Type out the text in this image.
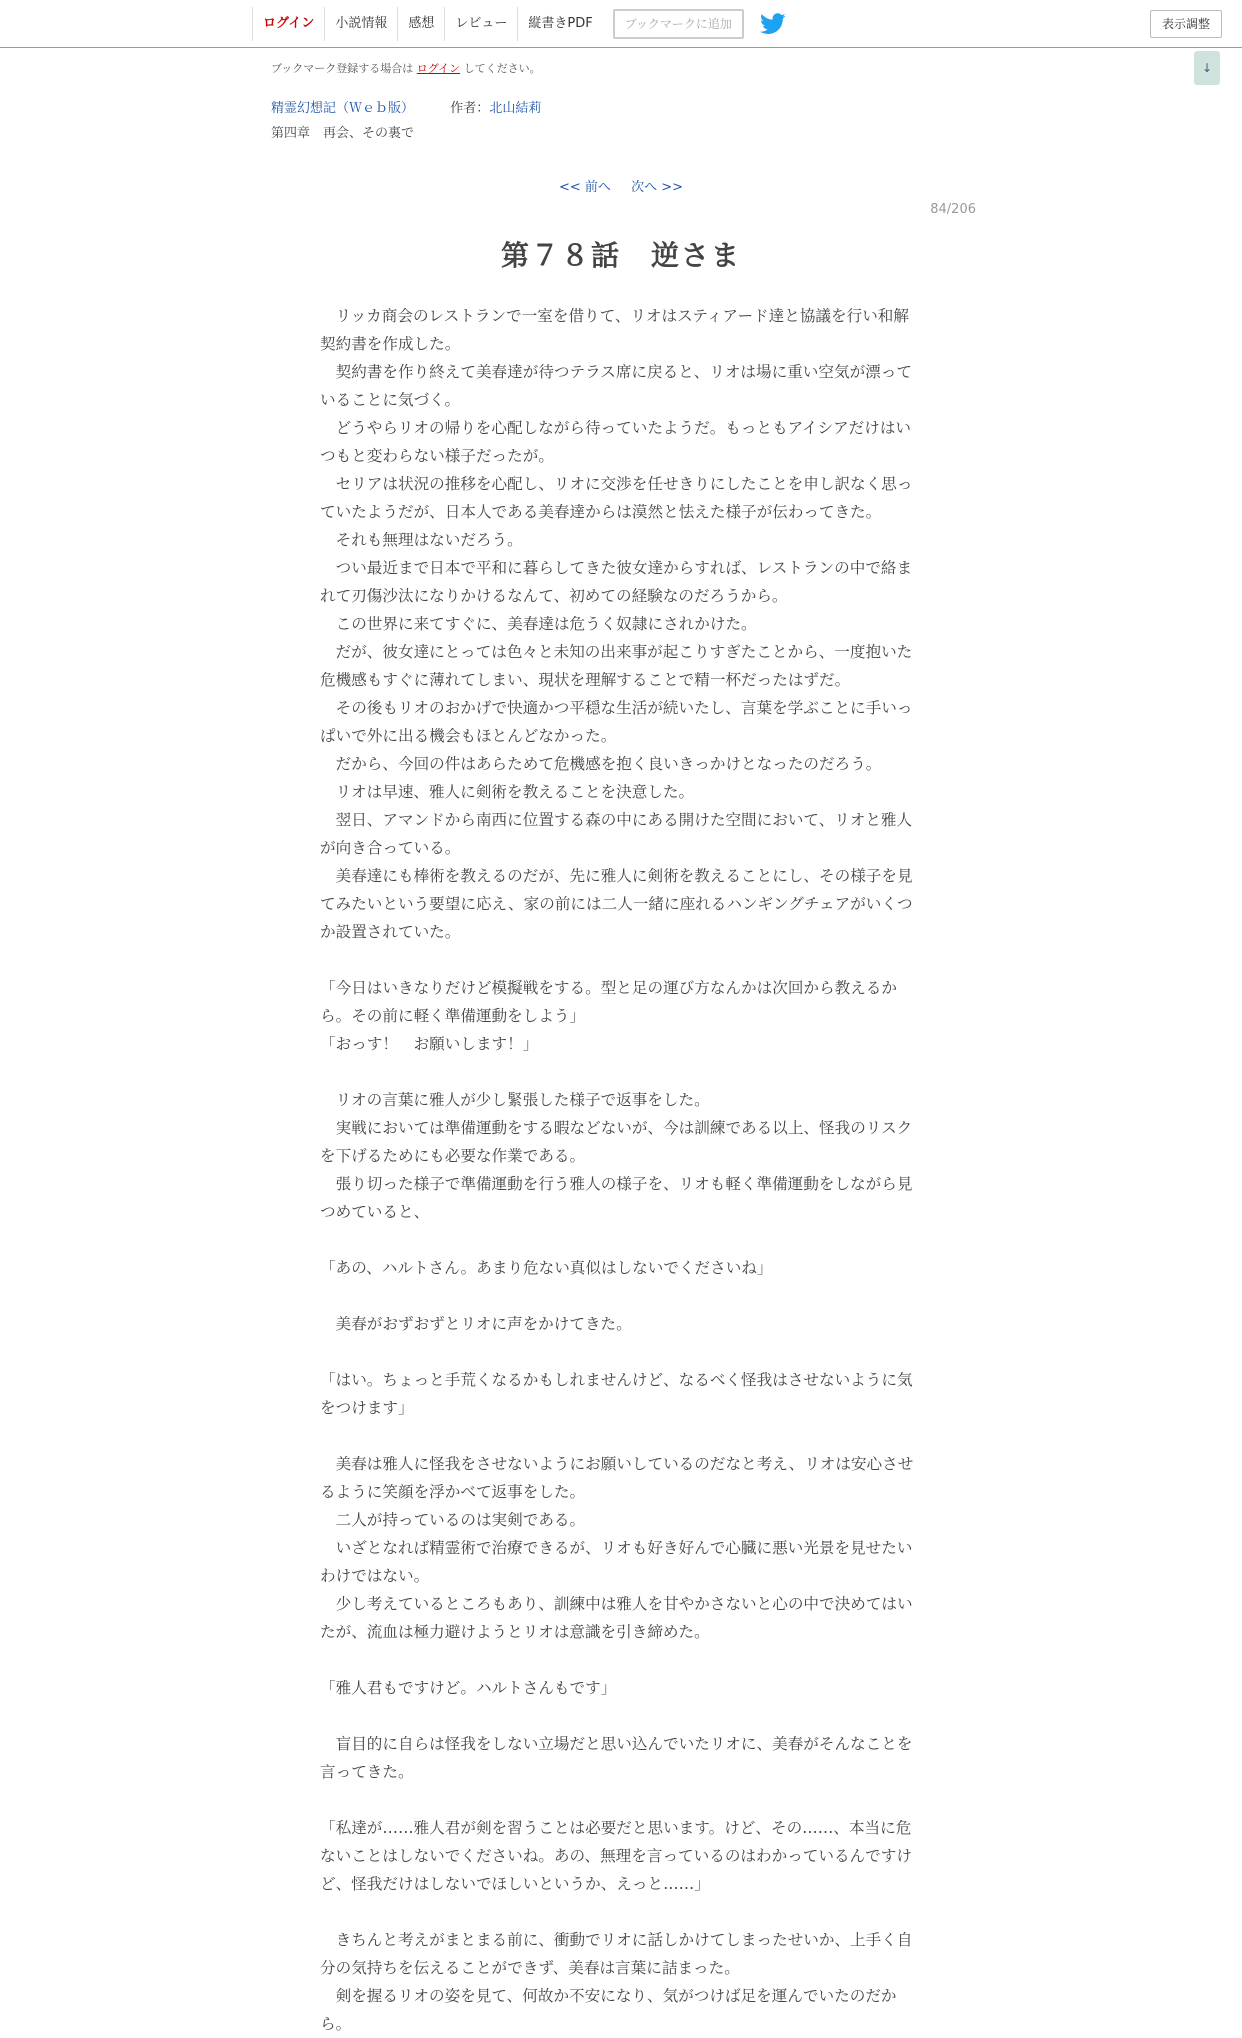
ログイン	小説情報	感想	レビュー	縦書きPDF	ブックマークに追加	表示調整
↓
ブックマーク登録する場合は ログイン してください。
精霊幻想記（Ｗｅｂ版）	作者：北山結莉
第四章　再会、その裏で
<< 前へ 次へ >>
84/206
第７８話　逆さま

　リッカ商会のレストランで一室を借りて、リオはスティアード達と協議を行い和解契約書を作成した。

　契約書を作り終えて美春達が待つテラス席に戻ると、リオは場に重い空気が漂っていることに気づく。

　どうやらリオの帰りを心配しながら待っていたようだ。もっともアイシアだけはいつもと変わらない様子だったが。

　セリアは状況の推移を心配し、リオに交渉を任せきりにしたことを申し訳なく思っていたようだが、日本人である美春達からは漠然と怯えた様子が伝わってきた。

　それも無理はないだろう。

　つい最近まで日本で平和に暮らしてきた彼女達からすれば、レストランの中で絡まれて刃傷沙汰になりかけるなんて、初めての経験なのだろうから。

　この世界に来てすぐに、美春達は危うく奴隷にされかけた。

　だが、彼女達にとっては色々と未知の出来事が起こりすぎたことから、一度抱いた危機感もすぐに薄れてしまい、現状を理解することで精一杯だったはずだ。

　その後もリオのおかげで快適かつ平穏な生活が続いたし、言葉を学ぶことに手いっぱいで外に出る機会もほとんどなかった。

　だから、今回の件はあらためて危機感を抱く良いきっかけとなったのだろう。

　リオは早速、雅人に剣術を教えることを決意した。

　翌日、アマンドから南西に位置する森の中にある開けた空間において、リオと雅人が向き合っている。

　美春達にも棒術を教えるのだが、先に雅人に剣術を教えることにし、その様子を見てみたいという要望に応え、家の前には二人一緒に座れるハンギングチェアがいくつか設置されていた。

「今日はいきなりだけど模擬戦をする。型と足の運び方なんかは次回から教えるから。その前に軽く準備運動をしよう」

「おっす！　お願いします！」

　リオの言葉に雅人が少し緊張した様子で返事をした。

　実戦においては準備運動をする暇などないが、今は訓練である以上、怪我のリスクを下げるためにも必要な作業である。

　張り切った様子で準備運動を行う雅人の様子を、リオも軽く準備運動をしながら見つめていると、

「あの、ハルトさん。あまり危ない真似はしないでくださいね」

　美春がおずおずとリオに声をかけてきた。

「はい。ちょっと手荒くなるかもしれませんけど、なるべく怪我はさせないように気をつけます」

　美春は雅人に怪我をさせないようにお願いしているのだなと考え、リオは安心させるように笑顔を浮かべて返事をした。

　二人が持っているのは実剣である。

　いざとなれば精霊術で治療できるが、リオも好き好んで心臓に悪い光景を見せたいわけではない。

　少し考えているところもあり、訓練中は雅人を甘やかさないと心の中で決めてはいたが、流血は極力避けようとリオは意識を引き締めた。

「雅人君もですけど。ハルトさんもです」

　盲目的に自らは怪我をしない立場だと思い込んでいたリオに、美春がそんなことを言ってきた。

「私達が……雅人君が剣を習うことは必要だと思います。けど、その……、本当に危ないことはしないでくださいね。あの、無理を言っているのはわかっているんですけど、怪我だけはしないでほしいというか、えっと……」

　きちんと考えがまとまる前に、衝動でリオに話しかけてしまったせいか、上手く自分の気持ちを伝えることができず、美春は言葉に詰まった。

　剣を握るリオの姿を見て、何故か不安になり、気がつけば足を運んでいたのだから。
